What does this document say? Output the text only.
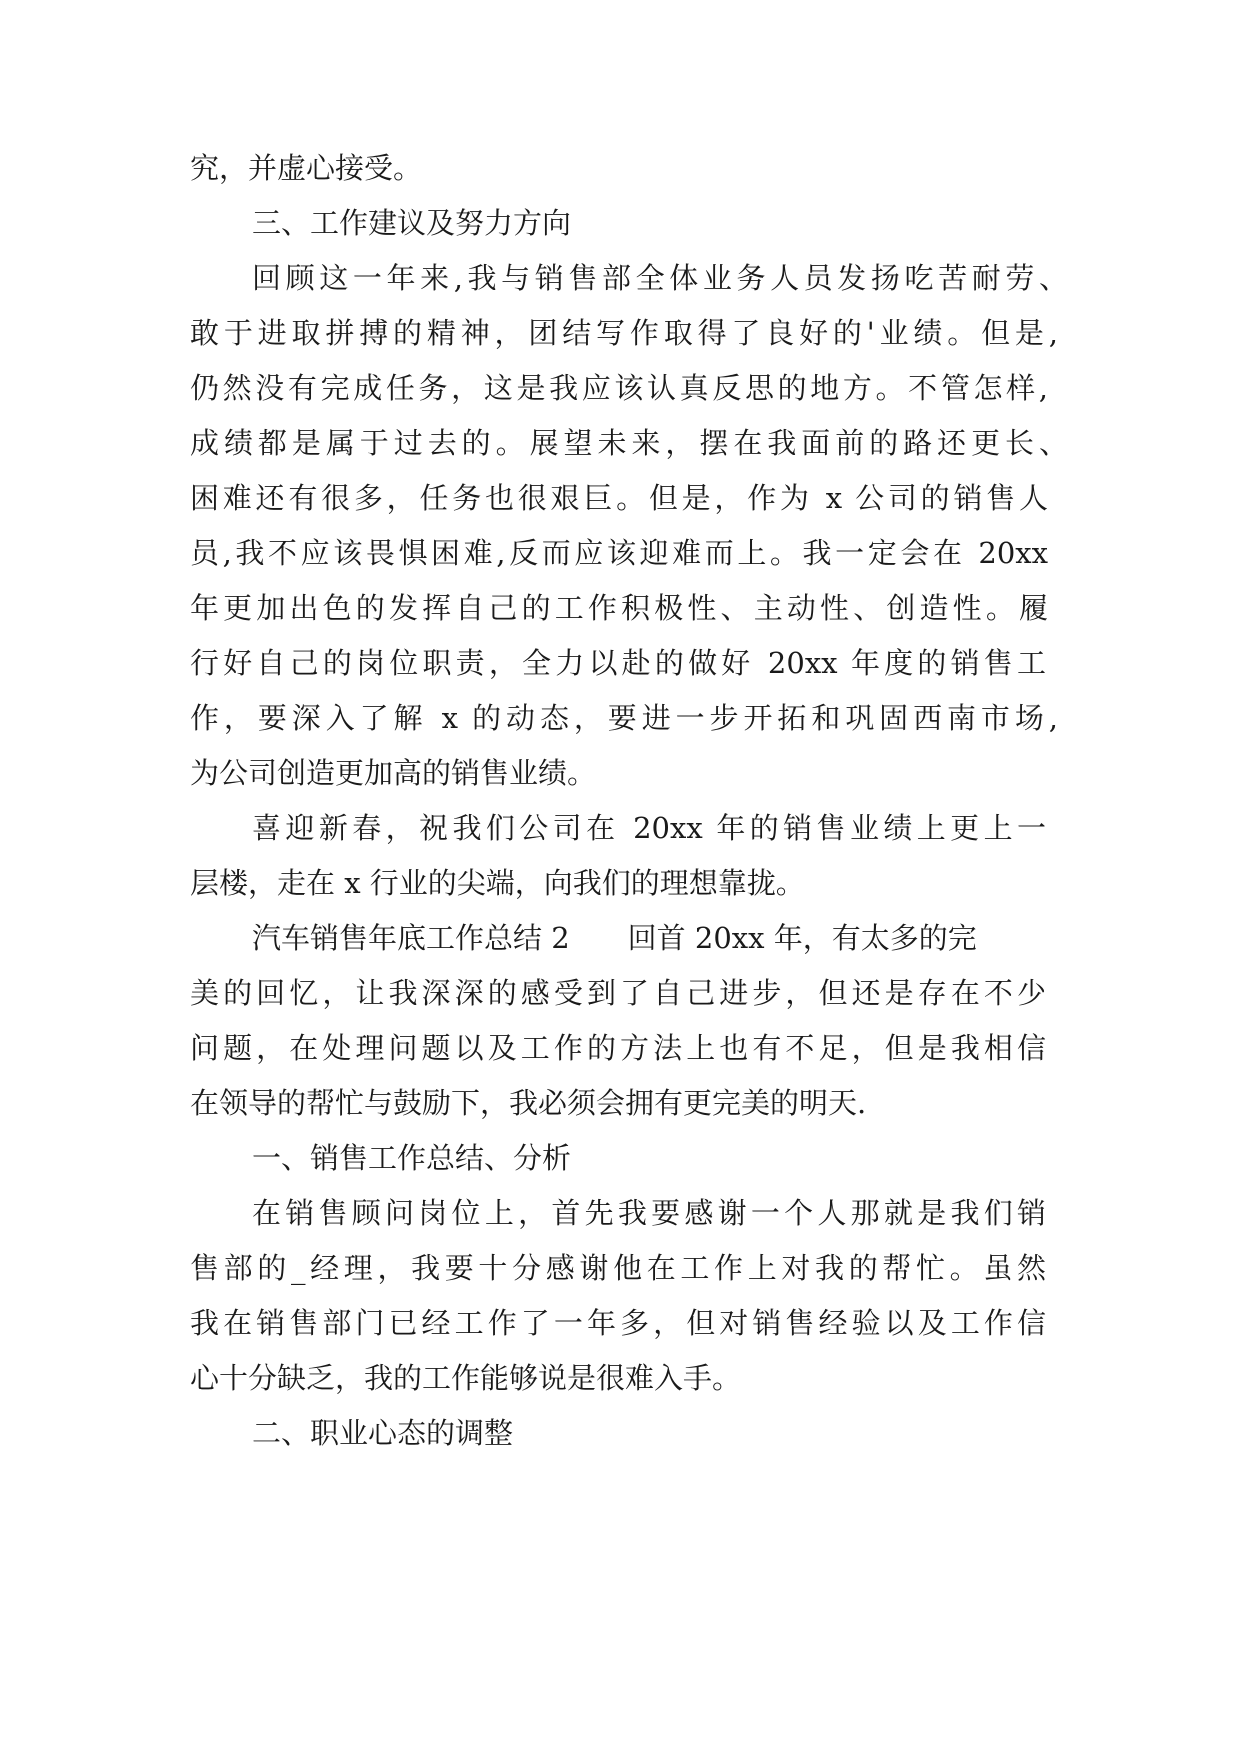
究，并虚心接受。
三、工作建议及努力方向
回顾这一年来,我与销售部全体业务人员发扬吃苦耐劳、
敢于进取拼搏的精神，团结写作取得了良好的'业绩。但是,
仍然没有完成任务，这是我应该认真反思的地方。不管怎样,
成绩都是属于过去的。展望未来，摆在我面前的路还更长、
困难还有很多，任务也很艰巨。但是，作为 x 公司的销售人
员,我不应该畏惧困难,反而应该迎难而上。我一定会在 20xx
年更加出色的发挥自己的工作积极性、主动性、创造性。履
行好自己的岗位职责，全力以赴的做好 20xx 年度的销售工
作，要深入了解 x 的动态，要进一步开拓和巩固西南市场,
为公司创造更加高的销售业绩。
喜迎新春，祝我们公司在 20xx 年的销售业绩上更上一
层楼，走在 x 行业的尖端，向我们的理想靠拢。
汽车销售年底工作总结 2　　回首 20xx 年，有太多的完
美的回忆，让我深深的感受到了自己进步，但还是存在不少
问题，在处理问题以及工作的方法上也有不足，但是我相信
在领导的帮忙与鼓励下，我必须会拥有更完美的明天.
一、销售工作总结、分析
在销售顾问岗位上，首先我要感谢一个人那就是我们销
售部的_经理，我要十分感谢他在工作上对我的帮忙。虽然
我在销售部门已经工作了一年多，但对销售经验以及工作信
心十分缺乏，我的工作能够说是很难入手。
二、职业心态的调整
